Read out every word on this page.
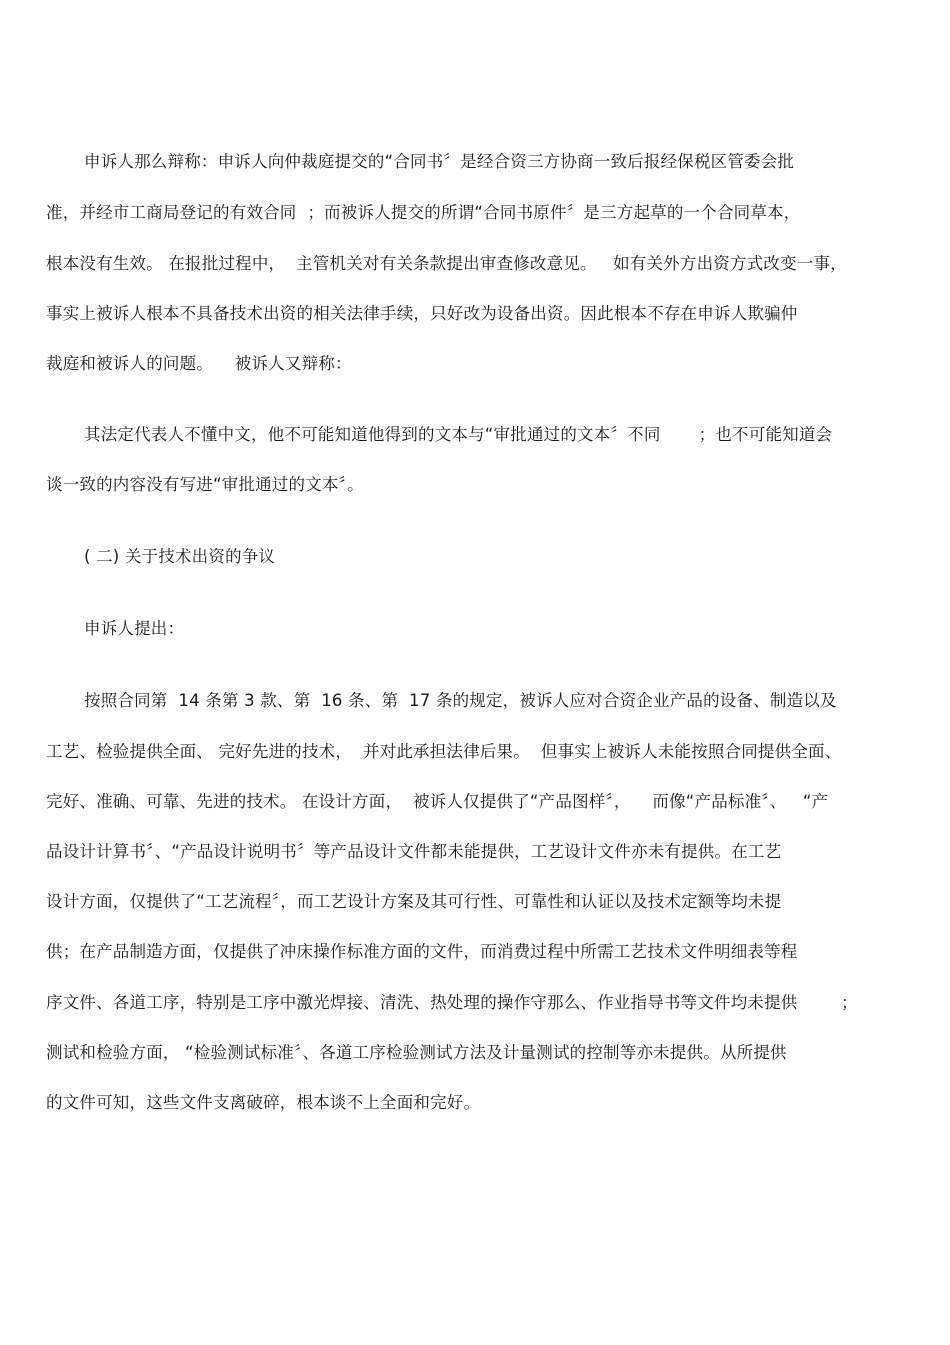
申诉人那么辩称：申诉人向仲裁庭提交的“合同书〞是经合资三方协商一致后报经保税区管委会批
准，并经市工商局登记的有效合同  ；而被诉人提交的所谓“合同书原件〞是三方起草的一个合同草本，
根本没有生效。 在报批过程中，  主管机关对有关条款提出审查修改意见。   如有关外方出资方式改变一事，
事实上被诉人根本不具备技术出资的相关法律手续，只好改为设备出资。因此根本不存在申诉人欺骗仲
裁庭和被诉人的问题。    被诉人又辩称：
其法定代表人不懂中文，他不可能知道他得到的文本与“审批通过的文本〞不同       ；也不可能知道会
谈一致的内容没有写进“审批通过的文本〞。
( 二) 关于技术出资的争议
申诉人提出：
按照合同第  14 条第 3 款、第  16 条、第  17 条的规定，被诉人应对合资企业产品的设备、制造以及
工艺、检验提供全面、 完好先进的技术，  并对此承担法律后果。  但事实上被诉人未能按照合同提供全面、
完好、准确、可靠、先进的技术。 在设计方面，  被诉人仅提供了“产品图样〞，    而像“产品标准〞、   “产
品设计计算书〞、“产品设计说明书〞等产品设计文件都未能提供，工艺设计文件亦未有提供。在工艺
设计方面，仅提供了“工艺流程〞，而工艺设计方案及其可行性、可靠性和认证以及技术定额等均未提
供；在产品制造方面，仅提供了冲床操作标准方面的文件，而消费过程中所需工艺技术文件明细表等程
序文件、各道工序，特别是工序中激光焊接、清洗、热处理的操作守那么、作业指导书等文件均未提供        ；
测试和检验方面， “检验测试标准〞、各道工序检验测试方法及计量测试的控制等亦未提供。从所提供
的文件可知，这些文件支离破碎，根本谈不上全面和完好。
